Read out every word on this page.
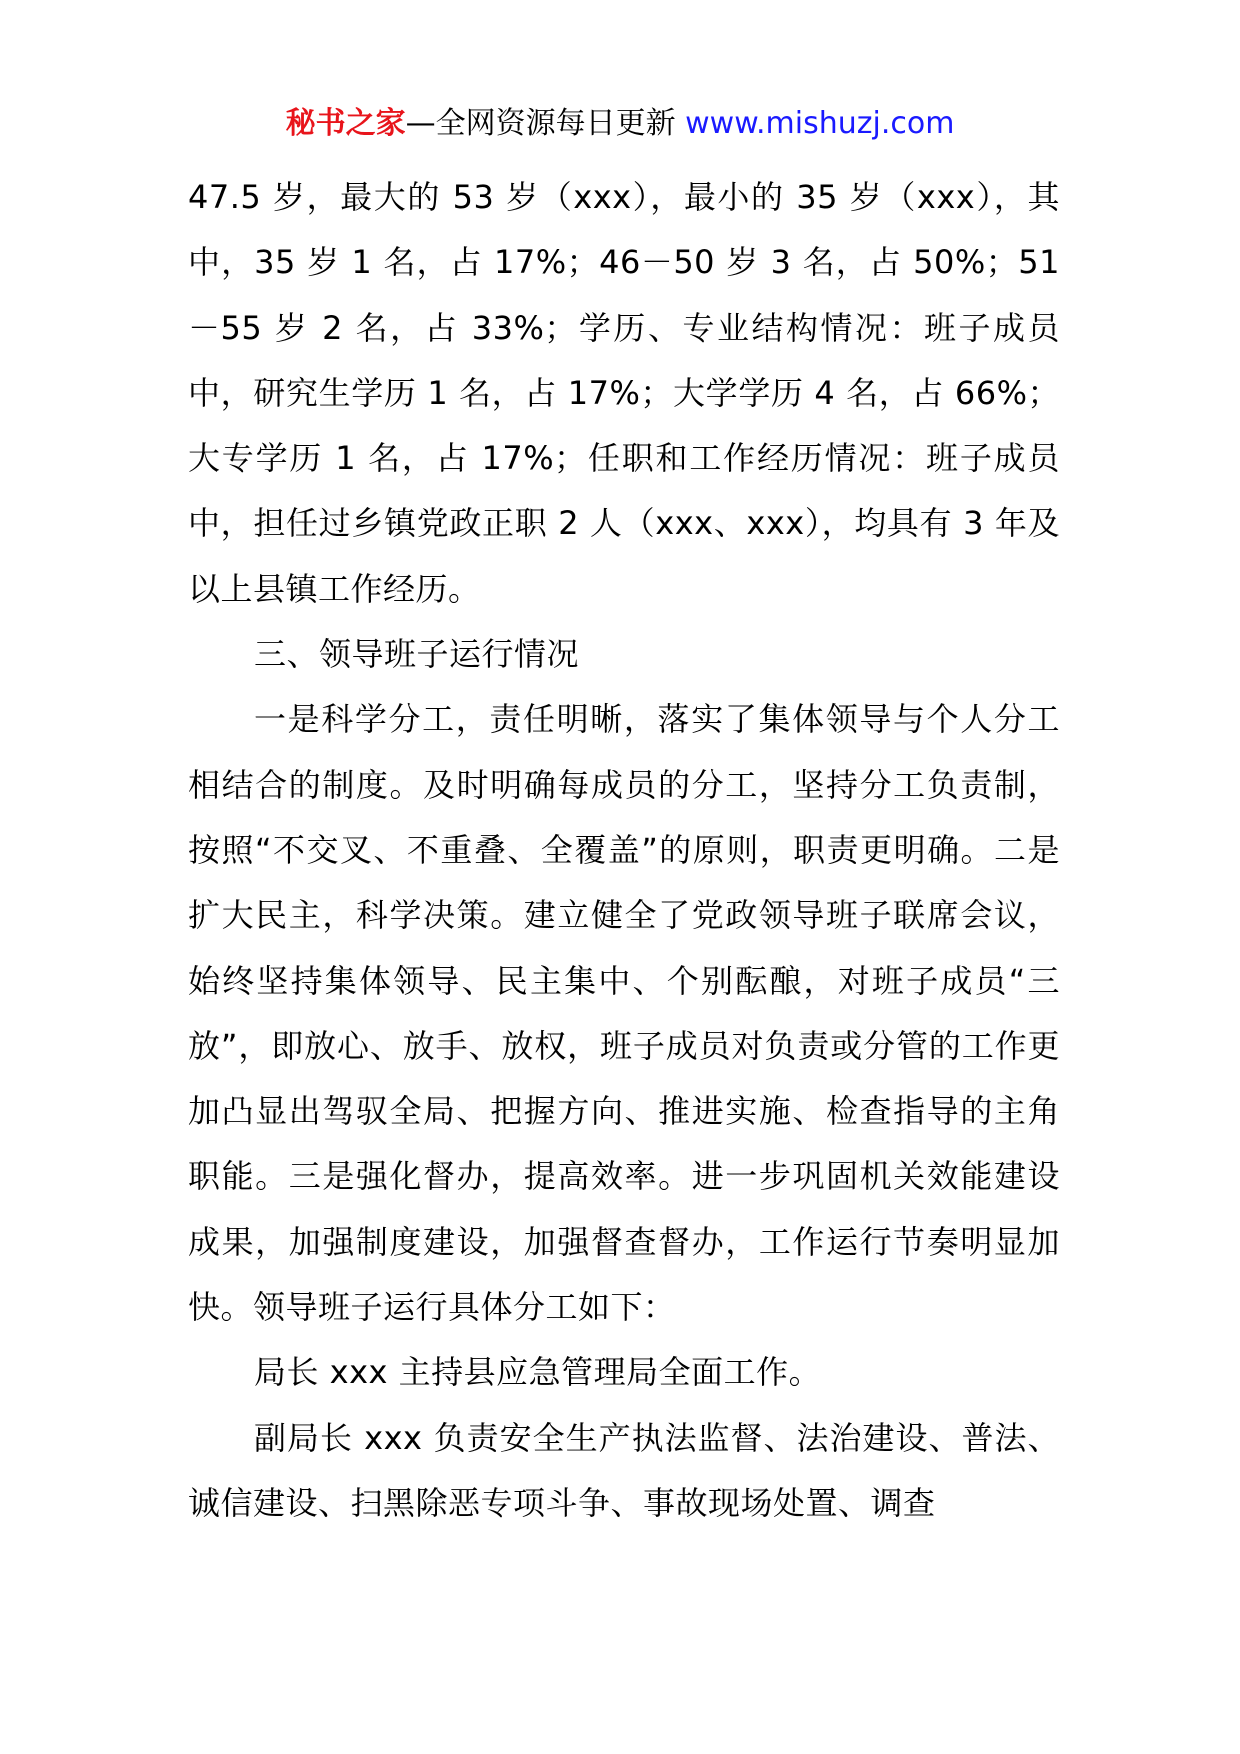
秘书之家—全网资源每日更新 www.mishuzj.com

47.5 岁，最大的 53 岁（xxx），最小的 35 岁（xxx），其中，35 岁 1 名，占 17%；46－50 岁 3 名，占 50%；51－55 岁 2 名，占 33%；学历、专业结构情况：班子成员中，研究生学历 1 名，占 17%；大学学历 4 名，占 66%；大专学历 1 名，占 17%；任职和工作经历情况：班子成员中，担任过乡镇党政正职 2 人（xxx、xxx），均具有 3 年及以上县镇工作经历。

三、领导班子运行情况

一是科学分工，责任明晰，落实了集体领导与个人分工相结合的制度。及时明确每成员的分工，坚持分工负责制，按照“不交叉、不重叠、全覆盖”的原则，职责更明确。二是扩大民主，科学决策。建立健全了党政领导班子联席会议，始终坚持集体领导、民主集中、个别酝酿，对班子成员“三放”，即放心、放手、放权，班子成员对负责或分管的工作更加凸显出驾驭全局、把握方向、推进实施、检查指导的主角职能。三是强化督办，提高效率。进一步巩固机关效能建设成果，加强制度建设，加强督查督办，工作运行节奏明显加快。领导班子运行具体分工如下：

局长 xxx 主持县应急管理局全面工作。

副局长 xxx 负责安全生产执法监督、法治建设、普法、诚信建设、扫黑除恶专项斗争、事故现场处置、调查
